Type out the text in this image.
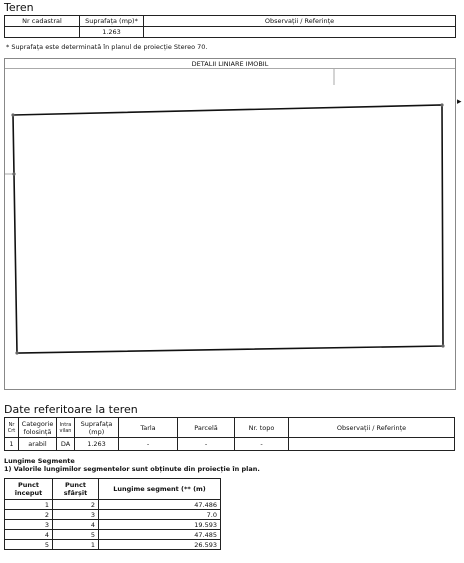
Teren
Nr cadastral	Suprafața (mp)*	Observații / Referințe
	1.263	
* Suprafața este determinată în planul de proiecție Stereo 70.
DETALII LINIARE IMOBIL
▸
Date referitoare la teren
Nr Crt	Categorie folosință	Intra vilan	Suprafața (mp)	Tarla	Parcelă	Nr. topo	Observații / Referințe
1	arabil	DA	1.263	-	-	-	
Lungime Segmente
1) Valorile lungimilor segmentelor sunt obținute din proiecție în plan.
Punct început	Punct sfârșit	Lungime segment (** (m)
1	2	47.486
2	3	7.0
3	4	19.593
4	5	47.485
5	1	26.593
